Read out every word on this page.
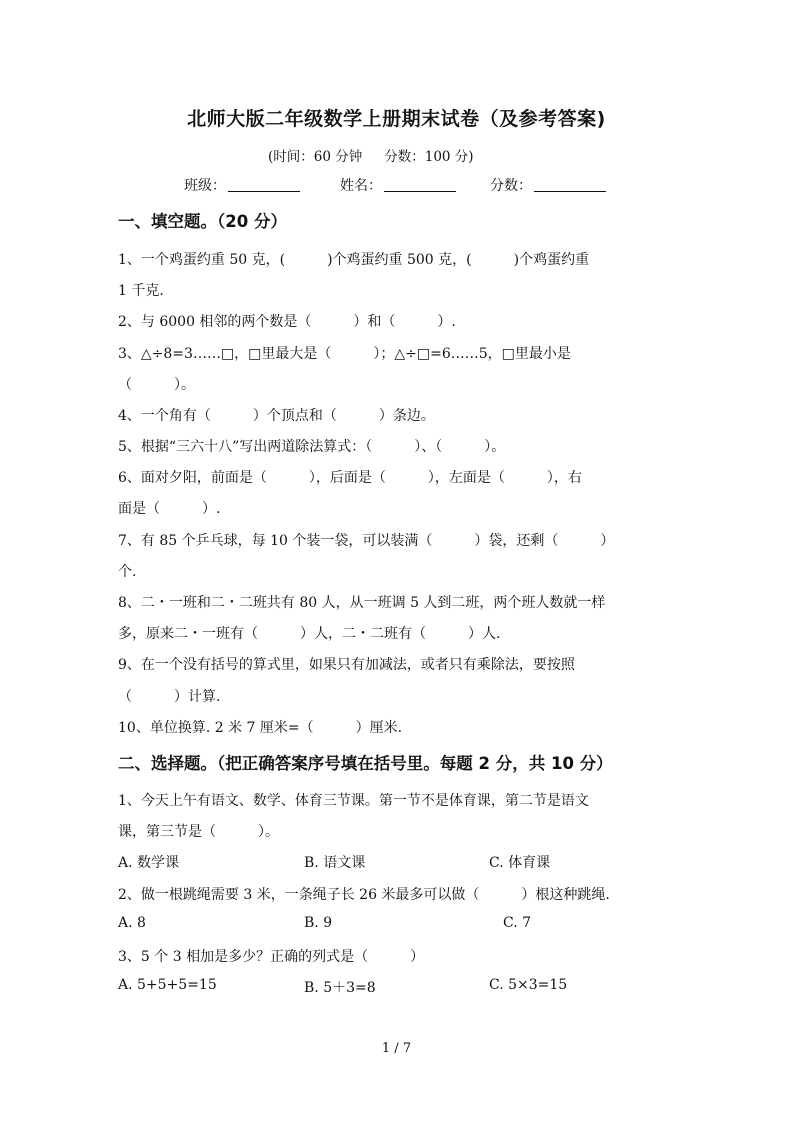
北师大版二年级数学上册期末试卷（及参考答案)
(时间：60 分钟 分数：100 分)
班级：	姓名：	分数：
一、填空题。（20 分）
1、一个鸡蛋约重 50 克，(　　　)个鸡蛋约重 500 克，(　　　)个鸡蛋约重
1 千克.
2、与 6000 相邻的两个数是（　　　）和（　　　）.
3、△÷8=3……□，□里最大是（　　　）；△÷□=6……5，□里最小是
（　　　）。
4、一个角有（　　　）个顶点和（　　　）条边。
5、根据“三六十八”写出两道除法算式：（　　　）、（　　　）。
6、面对夕阳，前面是（　　　），后面是（　　　），左面是（　　　），右
面是（　　　）.
7、有 85 个乒乓球，每 10 个装一袋，可以装满（　　　）袋，还剩（　　　）
个.
8、二・一班和二・二班共有 80 人，从一班调 5 人到二班，两个班人数就一样
多，原来二・一班有（　　　）人，二・二班有（　　　）人.
9、在一个没有括号的算式里，如果只有加减法，或者只有乘除法，要按照
（　　　）计算.
10、单位换算. 2 米 7 厘米=（　　　）厘米.
二、选择题。（把正确答案序号填在括号里。每题 2 分，共 10 分）
1、今天上午有语文、数学、体育三节课。第一节不是体育课，第二节是语文
课，第三节是（　　　）。
A. 数学课	B. 语文课	C. 体育课
2、做一根跳绳需要 3 米，一条绳子长 26 米最多可以做（　　　）根这种跳绳.
A. 8	B. 9	C. 7
3、5 个 3 相加是多少？正确的列式是（　　　）
A. 5+5+5=15	B. 5＋3=8	C. 5×3=15
1 / 7
